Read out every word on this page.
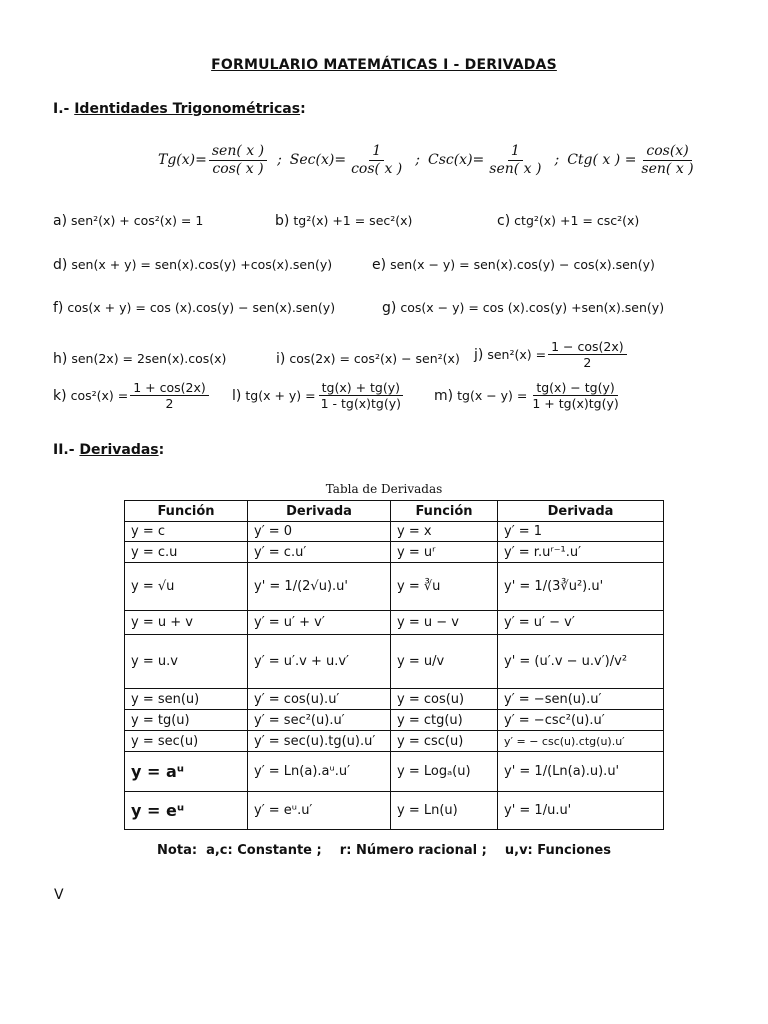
FORMULARIO MATEMÁTICAS I - DERIVADAS
I.- Identidades Trigonométricas:
$Tg(x)= \frac{\text{sen( x )}}{\cos( x )}$ ; $Sec(x)= \frac{1}{\cos( x )}$ ; $Csc(x)= \frac{1}{\text{sen( x )}}$ ; Ctg( x ) = $\frac{\cos(x)}{\text{sen( x )}}$
a) sen²(x) + cos²(x) = 1	b) tg²(x) +1 = sec²(x)	c) ctg²(x) +1 = csc²(x)
d) sen(x + y) = sen(x).cos(y) +cos(x).sen(y)	e) sen(x − y) = sen(x).cos(y) − cos(x).sen(y)
f) cos(x + y) = cos (x).cos(y) − sen(x).sen(y)	g) cos(x − y) = cos (x).cos(y) +sen(x).sen(y)
h) sen(2x) = 2sen(x).cos(x)	i) cos(2x) = cos²(x) − sen²(x) j) $sen^2(x) = \frac{1 - \cos(2x)}{2}$
k) $\cos^2(x) = \frac{1 + \cos(2x)}{2} l$) $tg(x + y) = \frac{tg(x) + tg(y)}{1 - tg(x)tg(y)} m$) $tg(x - y) = \frac{tg(x) - tg(y)}{1 + tg(x)tg(y)}$
II.- Derivadas:
Tabla de Derivadas
Función	Derivada	Función	Derivada
y = c	y′ = 0	y = x	y′ = 1
y = c.u	y′ = c.u′	y = uʳ	y′ = r.uʳ⁻¹.u′
y = √u	y' = 1/(2√u).u'	y = ∛u	y' = 1/(3∛u²).u'
y = u + v	y′ = u′ + v′	y = u − v	y′ = u′ − v′
y = u.v	y′ = u′.v + u.v′	y = u/v	y' = (u′.v − u.v′)/v²
y = sen(u)	y′ = cos(u).u′	y = cos(u)	y′ = −sen(u).u′
y = tg(u)	y′ = sec²(u).u′	y = ctg(u)	y′ = −csc²(u).u′
y = sec(u)	y′ = sec(u).tg(u).u′	y = csc(u)	y′ = − csc(u).ctg(u).u′
y = aᵘ	y′ = Ln(a).aᵘ.u′	y = Logₐ(u)	y' = 1/(Ln(a).u).u'
y = eᵘ	y′ = eᵘ.u′	y = Ln(u)	y' = 1/u.u'
Nota:  a,c: Constante ;    r: Número racional ;    u,v: Funciones
V
